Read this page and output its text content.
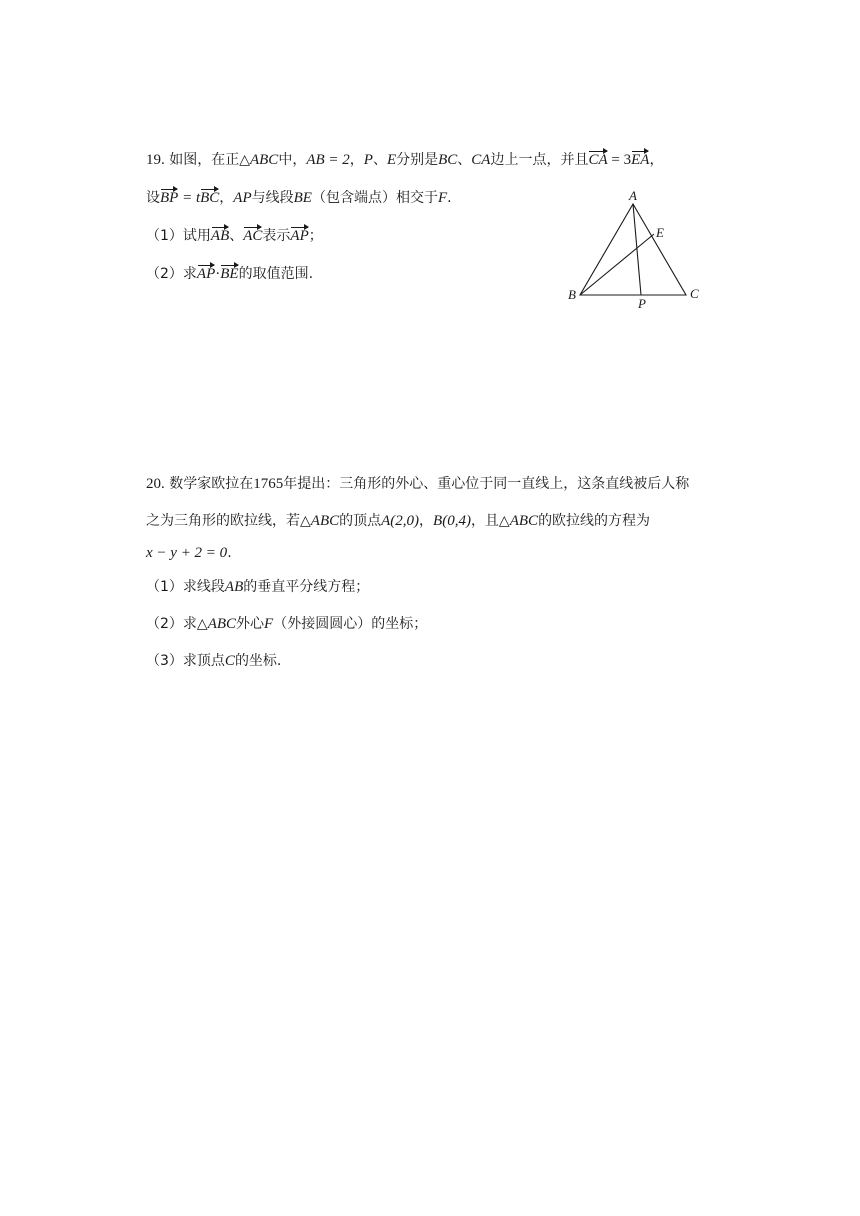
19. 如图，在正△ABC中，AB = 2，P、E分别是BC、CA边上一点，并且CA = 3EA，
设BP = tBC，AP与线段BE（包含端点）相交于F.
（1）试用AB、AC表示AP；
（2）求AP·BE的取值范围.
A
B	C
E
P
20. 数学家欧拉在1765年提出：三角形的外心、重心位于同一直线上，这条直线被后人称
之为三角形的欧拉线，若△ABC的顶点A(2,0)，B(0,4)，且△ABC的欧拉线的方程为
x − y + 2 = 0.
（1）求线段AB的垂直平分线方程；
（2）求△ABC外心F（外接圆圆心）的坐标；
（3）求顶点C的坐标.
